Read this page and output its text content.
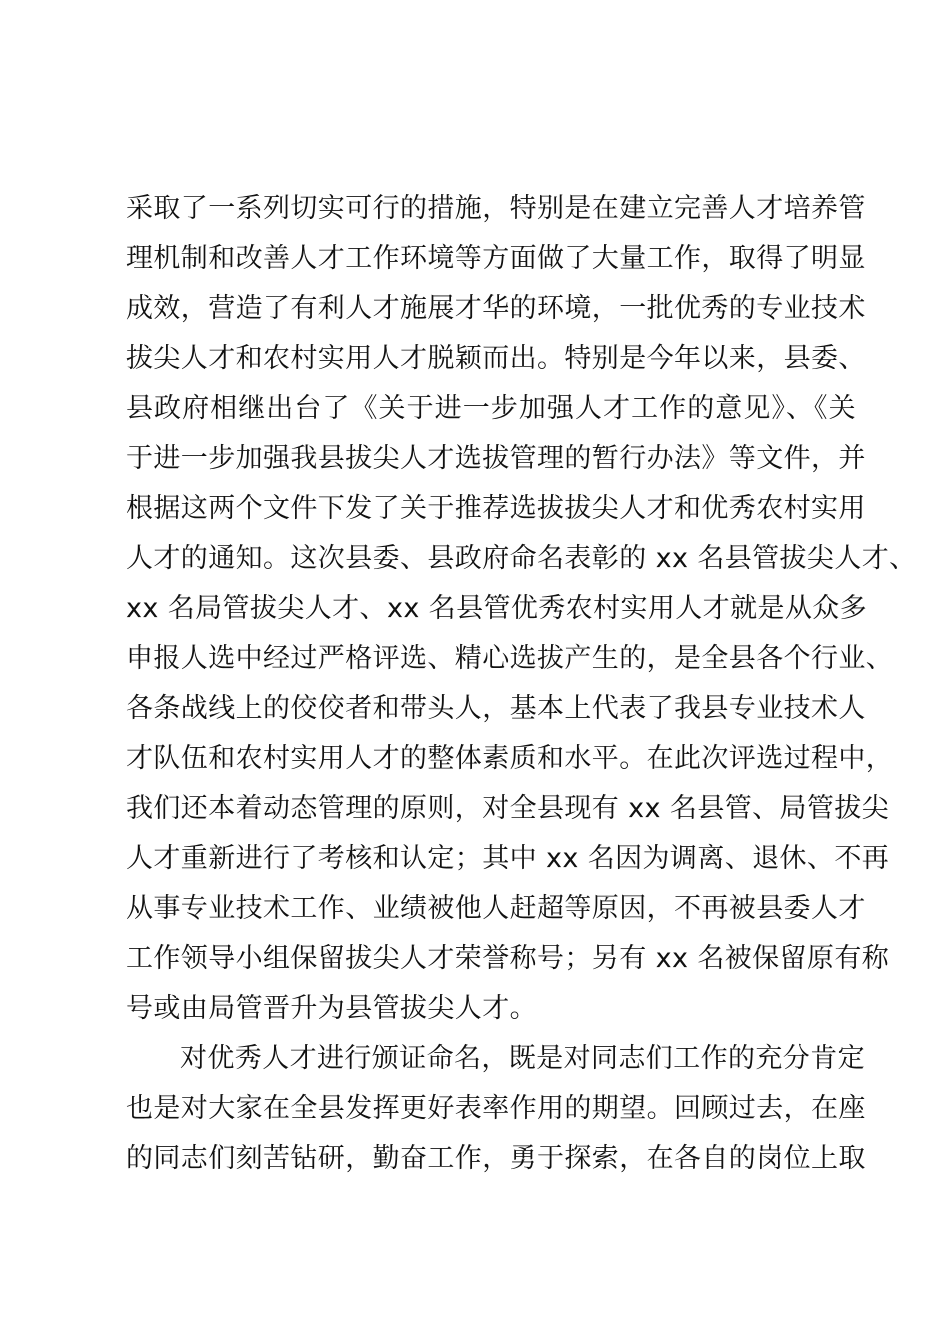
采取了一系列切实可行的措施，特别是在建立完善人才培养管
理机制和改善人才工作环境等方面做了大量工作，取得了明显
成效，营造了有利人才施展才华的环境，一批优秀的专业技术
拔尖人才和农村实用人才脱颖而出。特别是今年以来，县委、
县政府相继出台了《关于进一步加强人才工作的意见》、《关
于进一步加强我县拔尖人才选拔管理的暂行办法》等文件，并
根据这两个文件下发了关于推荐选拔拔尖人才和优秀农村实用
人才的通知。这次县委、县政府命名表彰的 xx 名县管拔尖人才、
xx 名局管拔尖人才、xx 名县管优秀农村实用人才就是从众多
申报人选中经过严格评选、精心选拔产生的，是全县各个行业、
各条战线上的佼佼者和带头人，基本上代表了我县专业技术人
才队伍和农村实用人才的整体素质和水平。在此次评选过程中，
我们还本着动态管理的原则，对全县现有 xx 名县管、局管拔尖
人才重新进行了考核和认定；其中 xx 名因为调离、退休、不再
从事专业技术工作、业绩被他人赶超等原因，不再被县委人才
工作领导小组保留拔尖人才荣誉称号；另有 xx 名被保留原有称
号或由局管晋升为县管拔尖人才。
对优秀人才进行颁证命名，既是对同志们工作的充分肯定
也是对大家在全县发挥更好表率作用的期望。回顾过去，在座
的同志们刻苦钻研，勤奋工作，勇于探索，在各自的岗位上取
